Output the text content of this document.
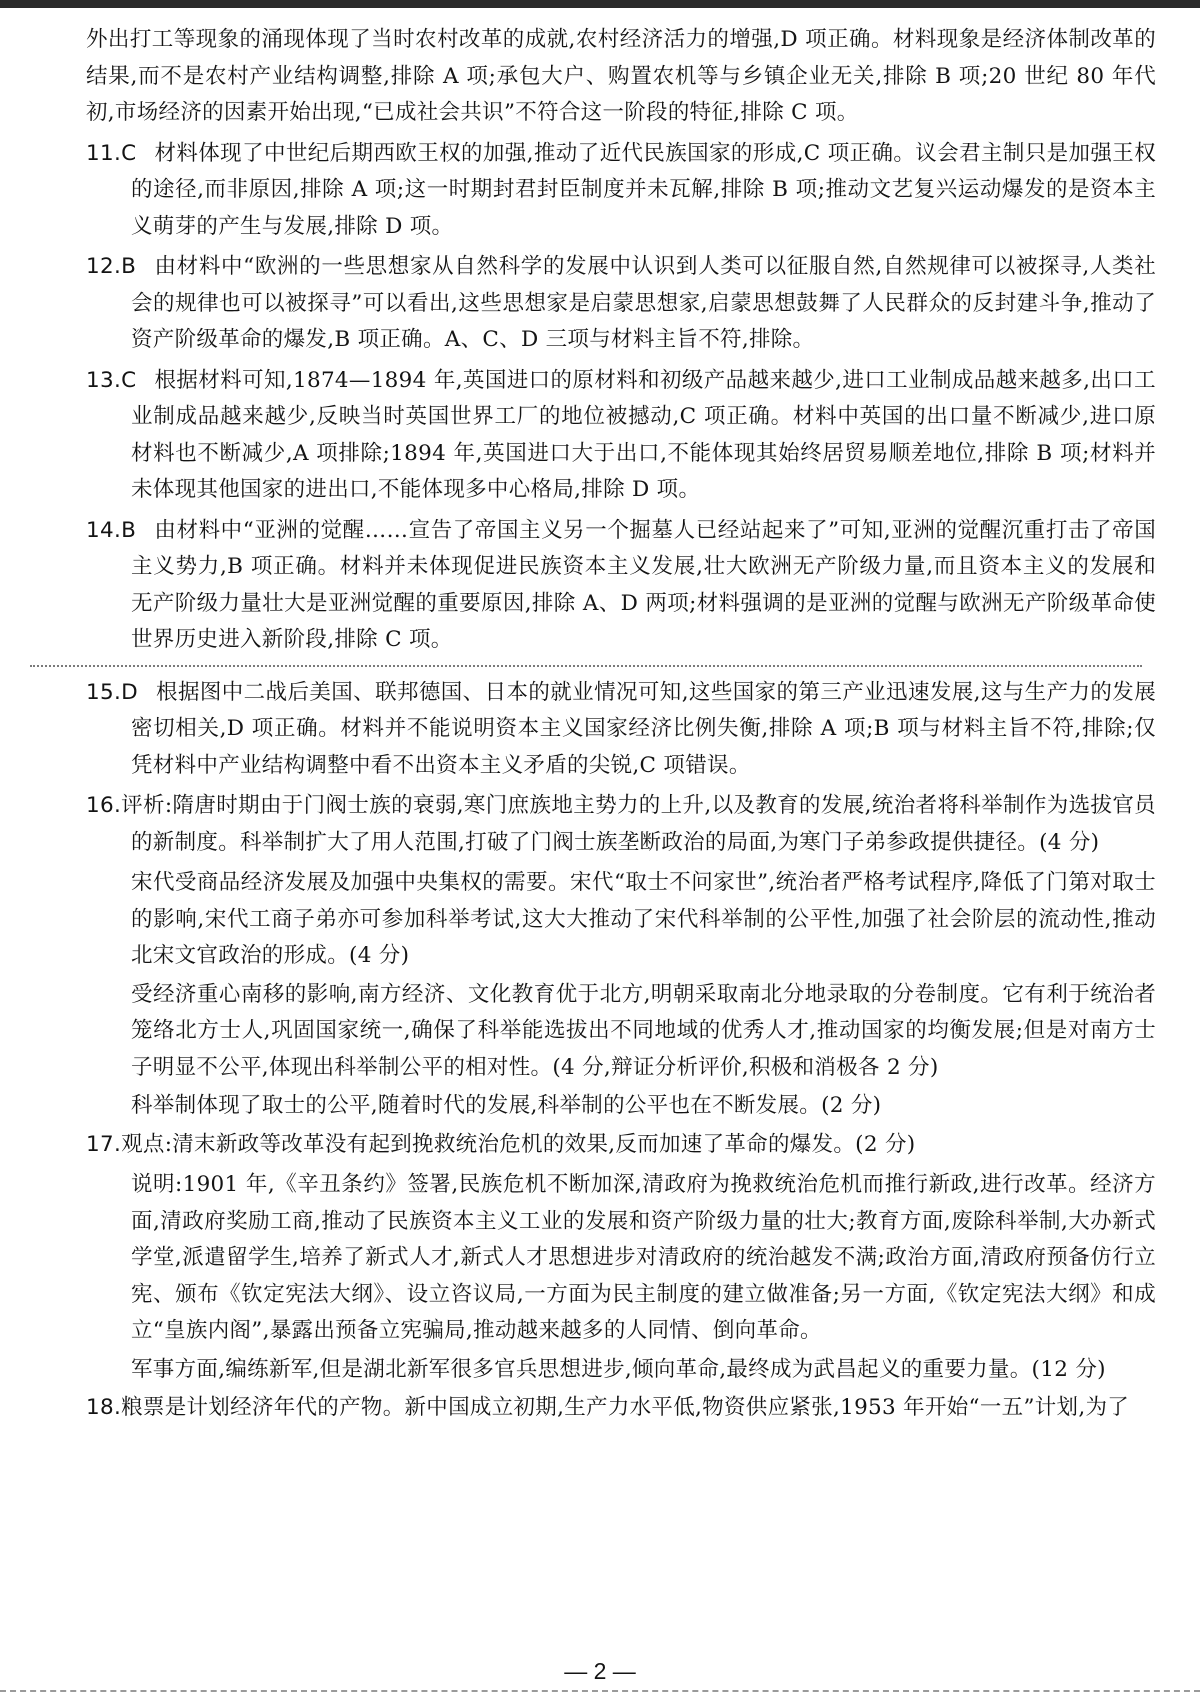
外出打工等现象的涌现体现了当时农村改革的成就,农村经济活力的增强,D 项正确。材料现象是经济体制改革的结果,而不是农村产业结构调整,排除 A 项;承包大户、购置农机等与乡镇企业无关,排除 B 项;20 世纪 80 年代初,市场经济的因素开始出现,“已成社会共识”不符合这一阶段的特征,排除 C 项。

11.C 材料体现了中世纪后期西欧王权的加强,推动了近代民族国家的形成,C 项正确。议会君主制只是加强王权的途径,而非原因,排除 A 项;这一时期封君封臣制度并未瓦解,排除 B 项;推动文艺复兴运动爆发的是资本主义萌芽的产生与发展,排除 D 项。

12.B 由材料中“欧洲的一些思想家从自然科学的发展中认识到人类可以征服自然,自然规律可以被探寻,人类社会的规律也可以被探寻”可以看出,这些思想家是启蒙思想家,启蒙思想鼓舞了人民群众的反封建斗争,推动了资产阶级革命的爆发,B 项正确。A、C、D 三项与材料主旨不符,排除。

13.C 根据材料可知,1874—1894 年,英国进口的原材料和初级产品越来越少,进口工业制成品越来越多,出口工业制成品越来越少,反映当时英国世界工厂的地位被撼动,C 项正确。材料中英国的出口量不断减少,进口原材料也不断减少,A 项排除;1894 年,英国进口大于出口,不能体现其始终居贸易顺差地位,排除 B 项;材料并未体现其他国家的进出口,不能体现多中心格局,排除 D 项。

14.B 由材料中“亚洲的觉醒……宣告了帝国主义另一个掘墓人已经站起来了”可知,亚洲的觉醒沉重打击了帝国主义势力,B 项正确。材料并未体现促进民族资本主义发展,壮大欧洲无产阶级力量,而且资本主义的发展和无产阶级力量壮大是亚洲觉醒的重要原因,排除 A、D 两项;材料强调的是亚洲的觉醒与欧洲无产阶级革命使世界历史进入新阶段,排除 C 项。

15.D 根据图中二战后美国、联邦德国、日本的就业情况可知,这些国家的第三产业迅速发展,这与生产力的发展密切相关,D 项正确。材料并不能说明资本主义国家经济比例失衡,排除 A 项;B 项与材料主旨不符,排除;仅凭材料中产业结构调整中看不出资本主义矛盾的尖锐,C 项错误。

16.评析:隋唐时期由于门阀士族的衰弱,寒门庶族地主势力的上升,以及教育的发展,统治者将科举制作为选拔官员的新制度。科举制扩大了用人范围,打破了门阀士族垄断政治的局面,为寒门子弟参政提供捷径。(4 分)

宋代受商品经济发展及加强中央集权的需要。宋代“取士不问家世”,统治者严格考试程序,降低了门第对取士的影响,宋代工商子弟亦可参加科举考试,这大大推动了宋代科举制的公平性,加强了社会阶层的流动性,推动北宋文官政治的形成。(4 分)

受经济重心南移的影响,南方经济、文化教育优于北方,明朝采取南北分地录取的分卷制度。它有利于统治者笼络北方士人,巩固国家统一,确保了科举能选拔出不同地域的优秀人才,推动国家的均衡发展;但是对南方士子明显不公平,体现出科举制公平的相对性。(4 分,辩证分析评价,积极和消极各 2 分)

科举制体现了取士的公平,随着时代的发展,科举制的公平也在不断发展。(2 分)

17.观点:清末新政等改革没有起到挽救统治危机的效果,反而加速了革命的爆发。(2 分)

说明:1901 年,《辛丑条约》签署,民族危机不断加深,清政府为挽救统治危机而推行新政,进行改革。经济方面,清政府奖励工商,推动了民族资本主义工业的发展和资产阶级力量的壮大;教育方面,废除科举制,大办新式学堂,派遣留学生,培养了新式人才,新式人才思想进步对清政府的统治越发不满;政治方面,清政府预备仿行立宪、颁布《钦定宪法大纲》、设立咨议局,一方面为民主制度的建立做准备;另一方面,《钦定宪法大纲》和成立“皇族内阁”,暴露出预备立宪骗局,推动越来越多的人同情、倒向革命。

军事方面,编练新军,但是湖北新军很多官兵思想进步,倾向革命,最终成为武昌起义的重要力量。(12 分)

18.粮票是计划经济年代的产物。新中国成立初期,生产力水平低,物资供应紧张,1953 年开始“一五”计划,为了

— 2 —
